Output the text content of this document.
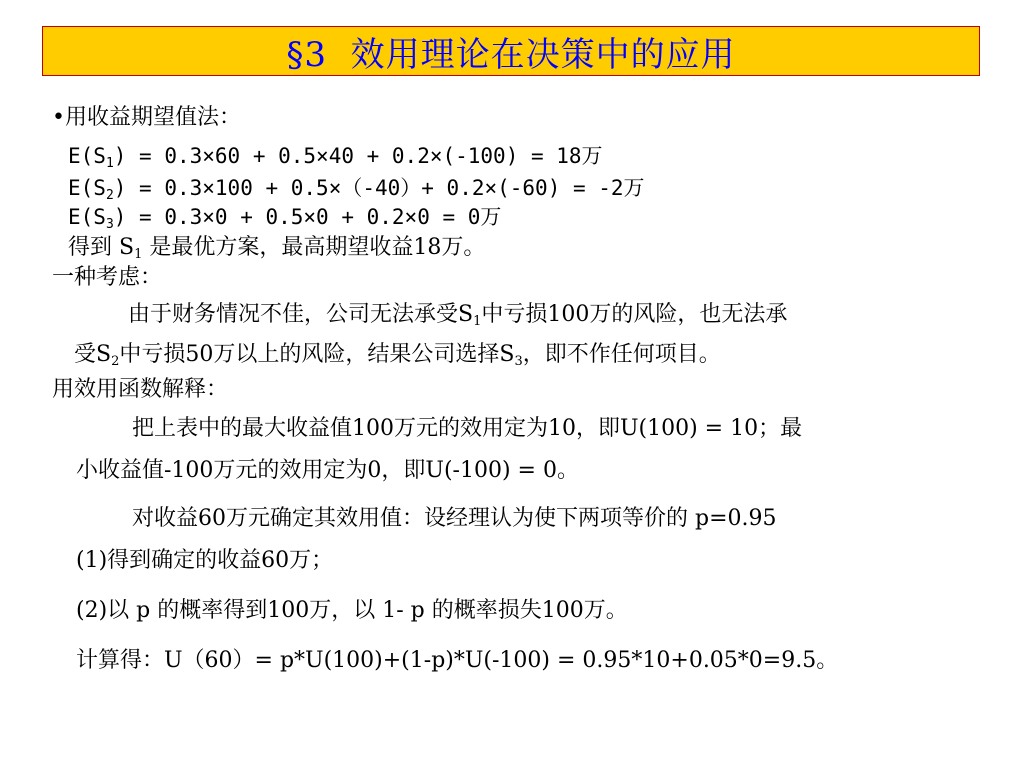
§3  效用理论在决策中的应用
•用收益期望值法：
$E(S_1) = 0.3\times 60 + 0.5\times 40 + 0.2\times(-100) = 18$万
$E(S_2) = 0.3\times 100 + 0.5\times(-40)+ 0.2\times(-60) = -2$万
$E(S_3) = 0.3\times 0 + 0.5\times 0 + 0.2\times 0 = 0$万
得到 $S_1$ 是最优方案，最高期望收益18万。
一种考虑：
由于财务情况不佳，公司无法承受$S_1$中亏损100万的风险，也无法承
受$S_2$中亏损50万以上的风险，结果公司选择$S_3$，即不作任何项目。
用效用函数解释：
把上表中的最大收益值100万元的效用定为10，即U(100) = 10；最
小收益值-100万元的效用定为0，即U(-100) = 0。
对收益60万元确定其效用值：设经理认为使下两项等价的 p=0.95
(1)得到确定的收益60万；
(2)以 p 的概率得到100万，以 1- p 的概率损失100万。
计算得：U（60）= p*U(100)+(1-p)*U(-100) = 0.95*10+0.05*0=9.5。
